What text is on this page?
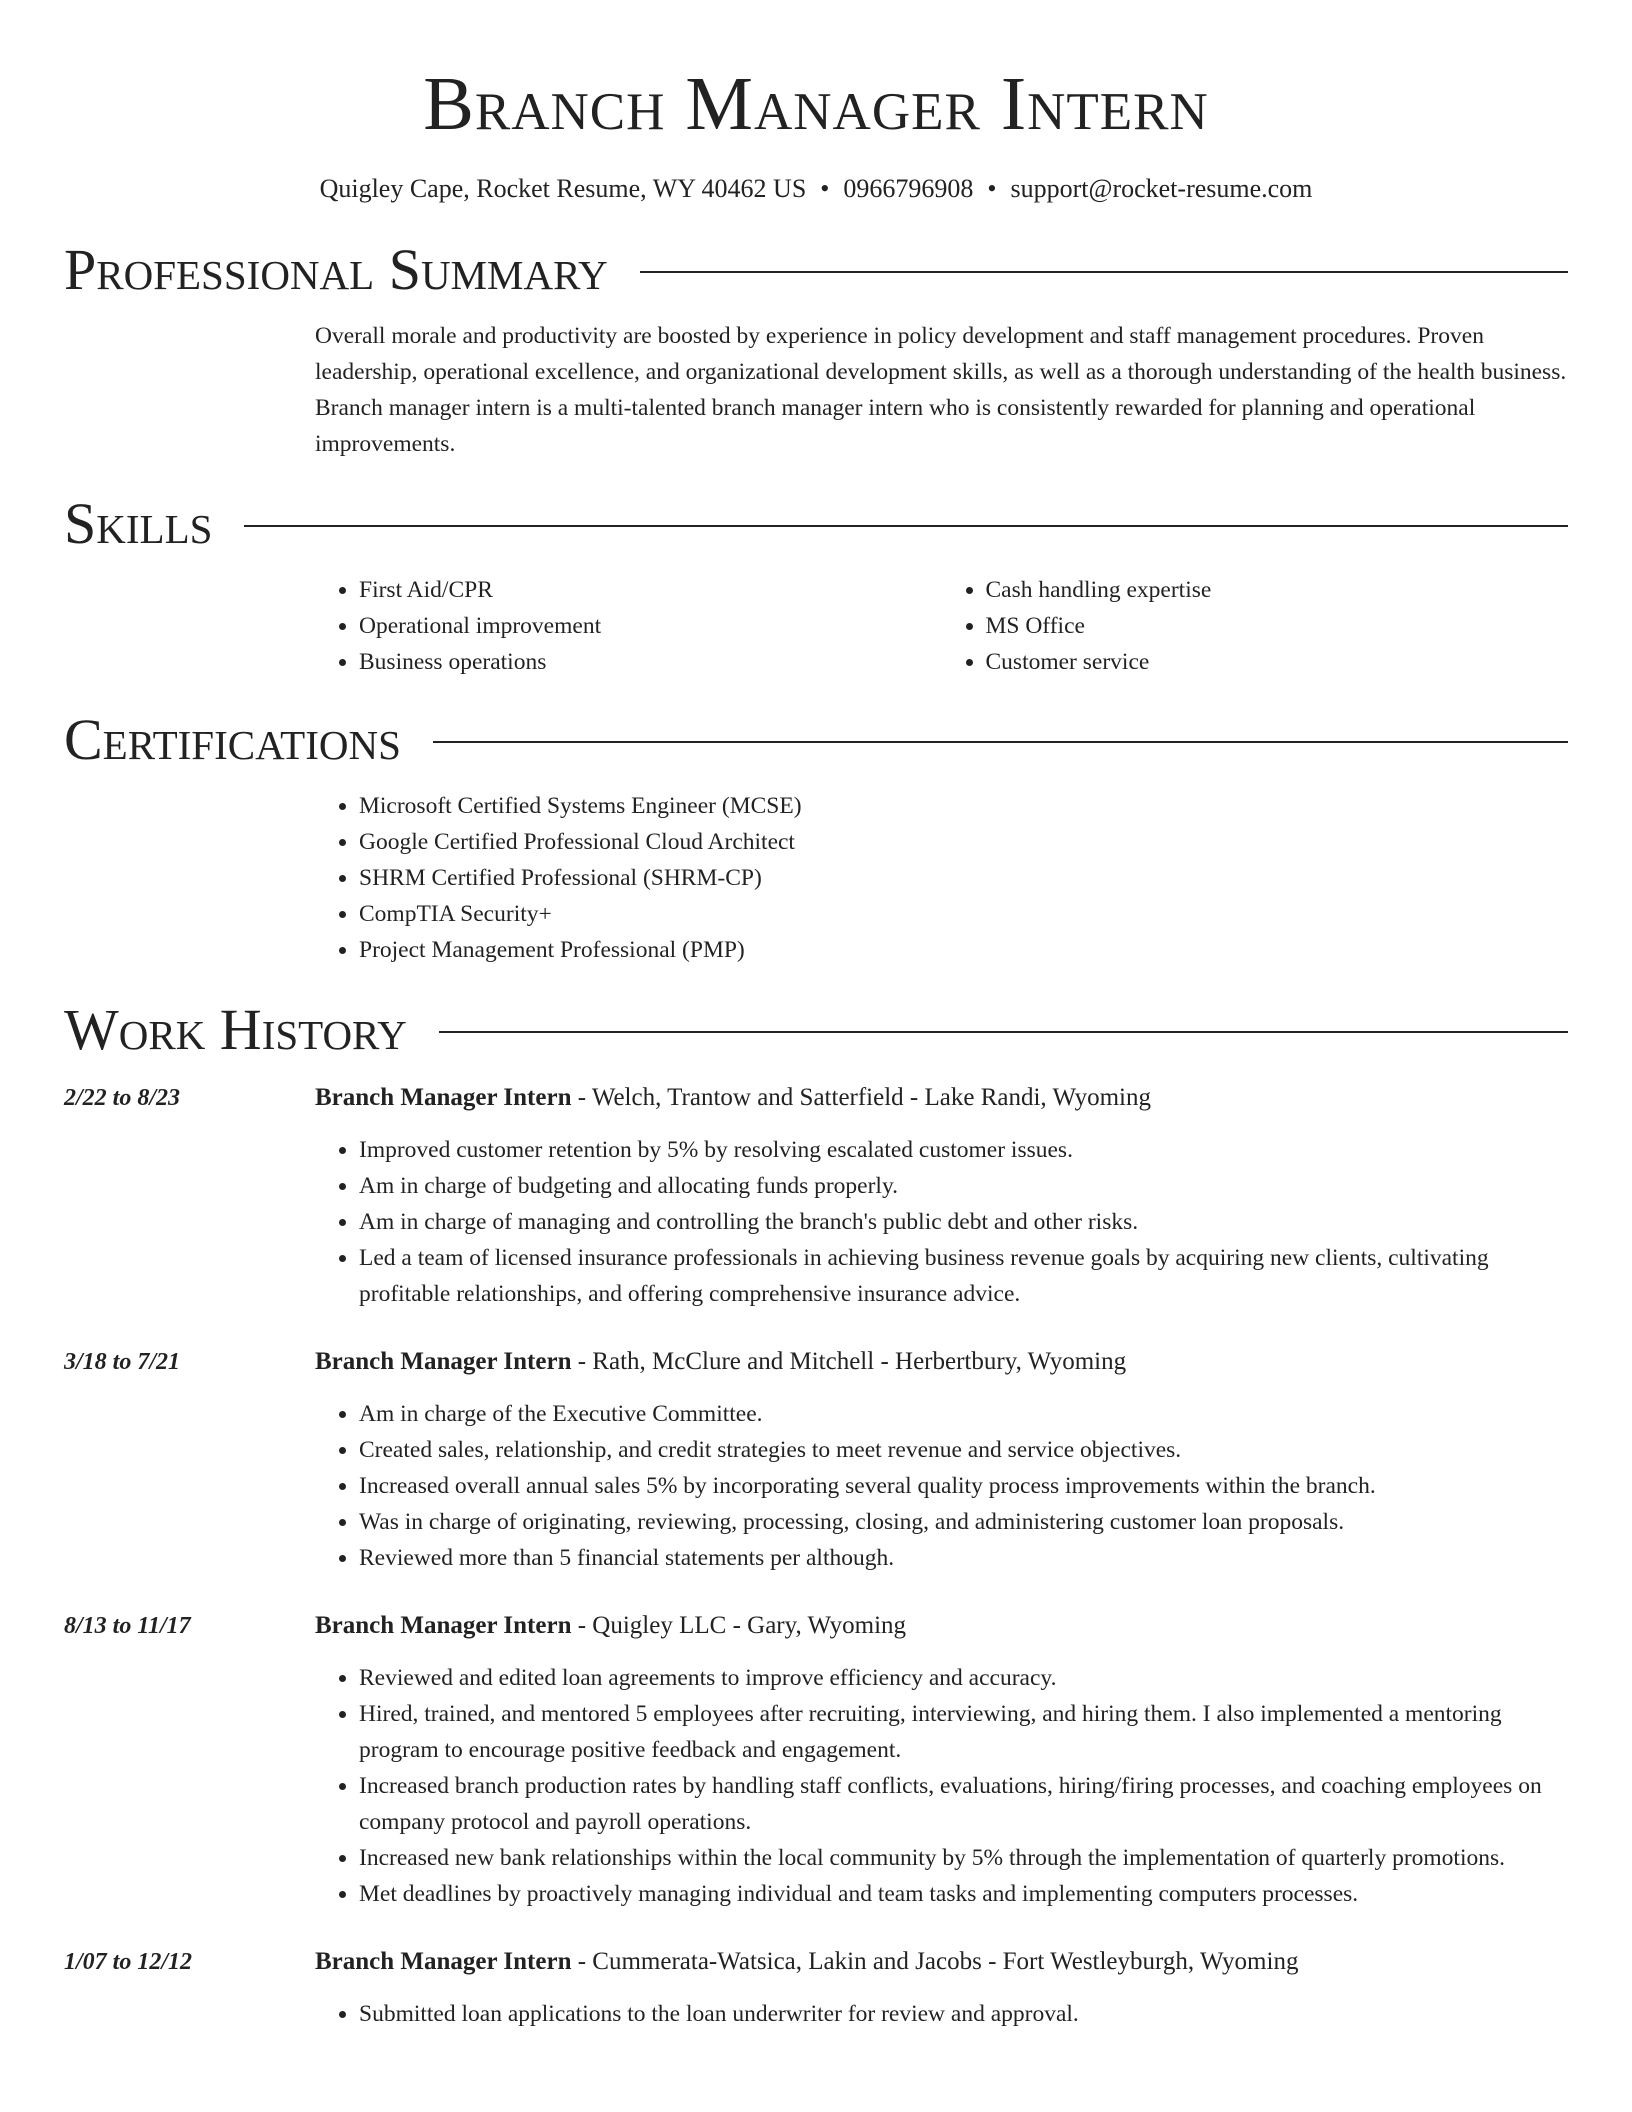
Branch Manager Intern
Quigley Cape, Rocket Resume, WY 40462 US • 0966796908 • support@rocket-resume.com
Professional Summary

Overall morale and productivity are boosted by experience in policy development and staff management procedures. Proven leadership, operational excellence, and organizational development skills, as well as a thorough understanding of the health business. Branch manager intern is a multi-talented branch manager intern who is consistently rewarded for planning and operational improvements.

Skills
• First Aid/CPR
• Operational improvement
• Business operations
• Cash handling expertise
• MS Office
• Customer service
Certifications
• Microsoft Certified Systems Engineer (MCSE)
• Google Certified Professional Cloud Architect
• SHRM Certified Professional (SHRM-CP)
• CompTIA Security+
• Project Management Professional (PMP)
Work History
2/22 to 8/23	Branch Manager Intern - Welch, Trantow and Satterfield - Lake Randi, Wyoming
• Improved customer retention by 5% by resolving escalated customer issues.
• Am in charge of budgeting and allocating funds properly.
• Am in charge of managing and controlling the branch's public debt and other risks.
• Led a team of licensed insurance professionals in achieving business revenue goals by acquiring new clients, cultivating profitable relationships, and offering comprehensive insurance advice.
3/18 to 7/21	Branch Manager Intern - Rath, McClure and Mitchell - Herbertbury, Wyoming
• Am in charge of the Executive Committee.
• Created sales, relationship, and credit strategies to meet revenue and service objectives.
• Increased overall annual sales 5% by incorporating several quality process improvements within the branch.
• Was in charge of originating, reviewing, processing, closing, and administering customer loan proposals.
• Reviewed more than 5 financial statements per although.
8/13 to 11/17	Branch Manager Intern - Quigley LLC - Gary, Wyoming
• Reviewed and edited loan agreements to improve efficiency and accuracy.
• Hired, trained, and mentored 5 employees after recruiting, interviewing, and hiring them. I also implemented a mentoring program to encourage positive feedback and engagement.
• Increased branch production rates by handling staff conflicts, evaluations, hiring/firing processes, and coaching employees on company protocol and payroll operations.
• Increased new bank relationships within the local community by 5% through the implementation of quarterly promotions.
• Met deadlines by proactively managing individual and team tasks and implementing computers processes.
1/07 to 12/12	Branch Manager Intern - Cummerata-Watsica, Lakin and Jacobs - Fort Westleyburgh, Wyoming
• Submitted loan applications to the loan underwriter for review and approval.
